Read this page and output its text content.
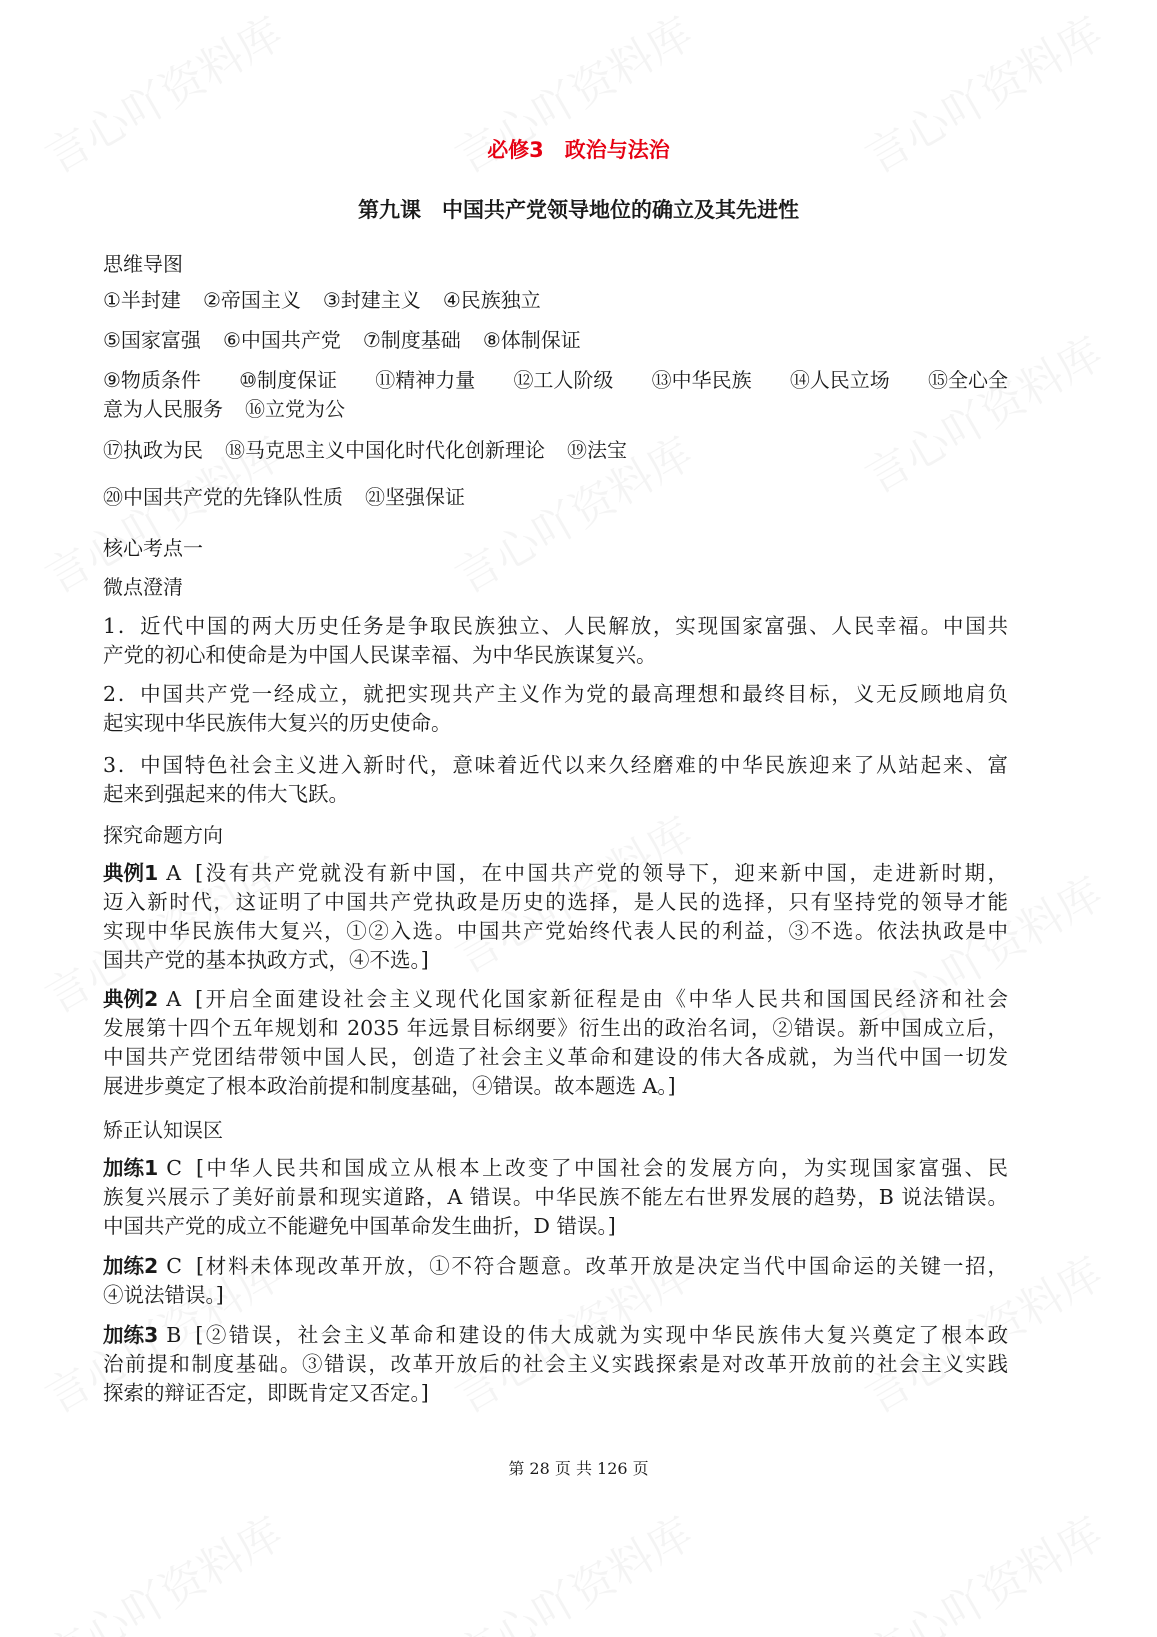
必修3　政治与法治
第九课　中国共产党领导地位的确立及其先进性
思维导图
①半封建 ②帝国主义 ③封建主义 ④民族独立
⑤国家富强 ⑥中国共产党 ⑦制度基础 ⑧体制保证
⑨物质条件 ⑩制度保证 ⑪精神力量 ⑫工人阶级 ⑬中华民族 ⑭人民立场 ⑮全心全
意为人民服务 ⑯立党为公
⑰执政为民 ⑱马克思主义中国化时代化创新理论 ⑲法宝
⑳中国共产党的先锋队性质 ㉑坚强保证
核心考点一
微点澄清
1．近代中国的两大历史任务是争取民族独立、人民解放，实现国家富强、人民幸福。中国共
产党的初心和使命是为中国人民谋幸福、为中华民族谋复兴。
2．中国共产党一经成立，就把实现共产主义作为党的最高理想和最终目标，义无反顾地肩负
起实现中华民族伟大复兴的历史使命。
3．中国特色社会主义进入新时代，意味着近代以来久经磨难的中华民族迎来了从站起来、富
起来到强起来的伟大飞跃。
探究命题方向
典例1 A [没有共产党就没有新中国，在中国共产党的领导下，迎来新中国，走进新时期，
迈入新时代，这证明了中国共产党执政是历史的选择，是人民的选择，只有坚持党的领导才能
实现中华民族伟大复兴，①②入选。中国共产党始终代表人民的利益，③不选。依法执政是中
国共产党的基本执政方式，④不选。]
典例2 A [开启全面建设社会主义现代化国家新征程是由《中华人民共和国国民经济和社会
发展第十四个五年规划和 2035 年远景目标纲要》衍生出的政治名词，②错误。新中国成立后，
中国共产党团结带领中国人民，创造了社会主义革命和建设的伟大各成就，为当代中国一切发
展进步奠定了根本政治前提和制度基础，④错误。故本题选 A。]
矫正认知误区
加练1 C [中华人民共和国成立从根本上改变了中国社会的发展方向，为实现国家富强、民
族复兴展示了美好前景和现实道路，A 错误。中华民族不能左右世界发展的趋势，B 说法错误。
中国共产党的成立不能避免中国革命发生曲折，D 错误。]
加练2 C [材料未体现改革开放，①不符合题意。改革开放是决定当代中国命运的关键一招，
④说法错误。]
加练3 B [②错误，社会主义革命和建设的伟大成就为实现中华民族伟大复兴奠定了根本政
治前提和制度基础。③错误，改革开放后的社会主义实践探索是对改革开放前的社会主义实践
探索的辩证否定，即既肯定又否定。]
第 28 页 共 126 页
